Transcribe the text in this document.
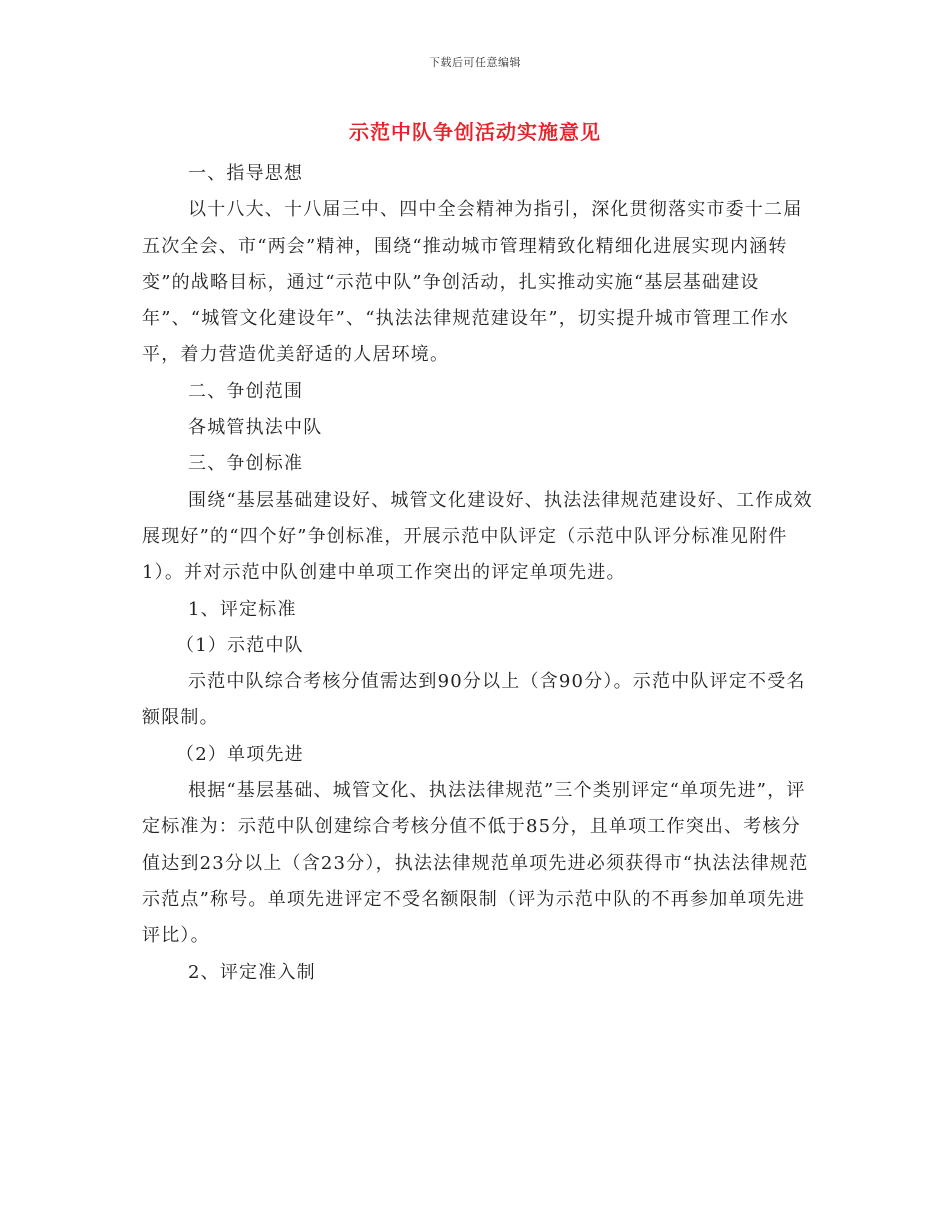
下载后可任意编辑
示范中队争创活动实施意见

一、指导思想

以十八大、十八届三中、四中全会精神为指引，深化贯彻落实市委十二届五次全会、市“两会”精神，围绕“推动城市管理精致化精细化进展实现内涵转变”的战略目标，通过“示范中队”争创活动，扎实推动实施“基层基础建设年”、“城管文化建设年”、“执法法律规范建设年”，切实提升城市管理工作水平，着力营造优美舒适的人居环境。

二、争创范围

各城管执法中队

三、争创标准

围绕“基层基础建设好、城管文化建设好、执法法律规范建设好、工作成效展现好”的“四个好”争创标准，开展示范中队评定（示范中队评分标准见附件1）。并对示范中队创建中单项工作突出的评定单项先进。

1、评定标准

（1）示范中队

示范中队综合考核分值需达到90分以上（含90分）。示范中队评定不受名额限制。

（2）单项先进

根据“基层基础、城管文化、执法法律规范”三个类别评定“单项先进”，评定标准为：示范中队创建综合考核分值不低于85分，且单项工作突出、考核分值达到23分以上（含23分），执法法律规范单项先进必须获得市“执法法律规范示范点”称号。单项先进评定不受名额限制（评为示范中队的不再参加单项先进评比）。

2、评定准入制
